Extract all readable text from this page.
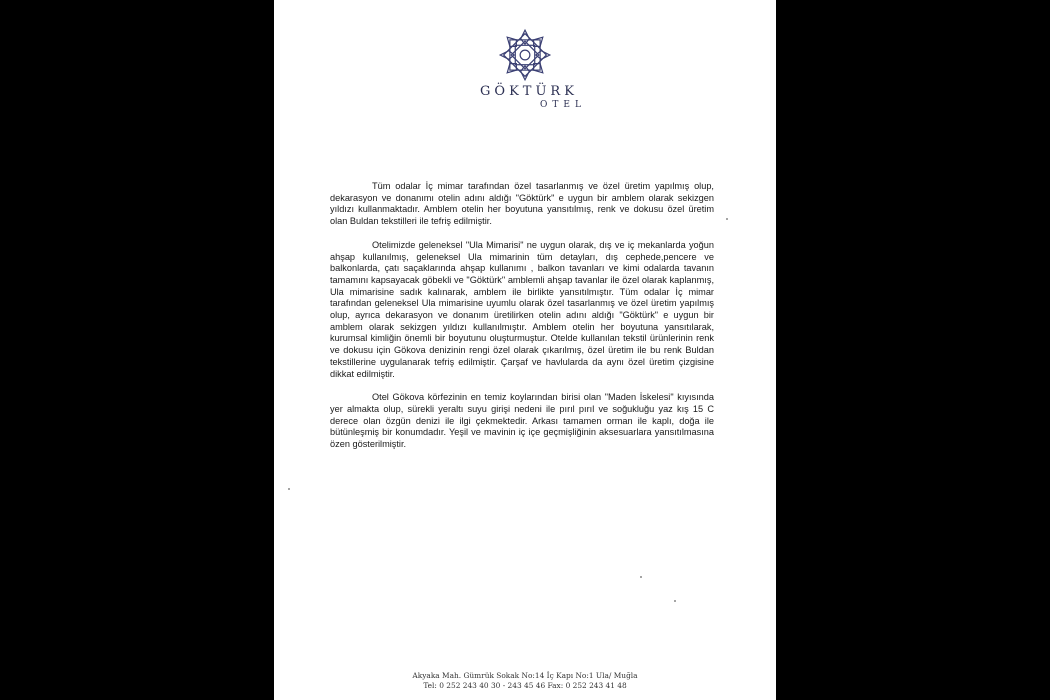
GÖKTÜRK
OTEL

Tüm odalar İç mimar tarafından özel tasarlanmış ve özel üretim yapılmış olup, dekarasyon ve donanımı otelin adını aldığı "Göktürk" e uygun bir amblem olarak sekizgen yıldızı kullanmaktadır. Amblem otelin her boyutuna yansıtılmış, renk ve dokusu özel üretim olan Buldan tekstilleri ile tefriş edilmiştir.

Otelimizde geleneksel "Ula Mimarisi" ne uygun olarak, dış ve iç mekanlarda yoğun ahşap kullanılmış, geleneksel Ula mimarinin tüm detayları, dış cephede,pencere ve balkonlarda, çatı saçaklarında ahşap kullanımı , balkon tavanları ve kimi odalarda tavanın tamamını kapsayacak göbekli ve "Göktürk" amblemli ahşap tavanlar ile özel olarak kaplanmış, Ula mimarisine sadık kalınarak, amblem ile birlikte yansıtılmıştır. Tüm odalar İç mimar tarafından geleneksel Ula mimarisine uyumlu olarak özel tasarlanmış ve özel üretim yapılmış olup, ayrıca dekarasyon ve donanım üretilirken otelin adını aldığı "Göktürk" e uygun bir amblem olarak sekizgen yıldızı kullanılmıştır. Amblem otelin her boyutuna yansıtılarak, kurumsal kimliğin önemli bir boyutunu oluşturmuştur. Otelde kullanılan tekstil ürünlerinin renk ve dokusu için Gökova denizinin rengi özel olarak çıkarılmış, özel üretim ile bu renk Buldan tekstillerine uygulanarak tefriş edilmiştir. Çarşaf ve havlularda da aynı özel üretim çizgisine dikkat edilmiştir.

Otel Gökova körfezinin en temiz koylarından birisi olan "Maden İskelesi" kıyısında yer almakta olup, sürekli yeraltı suyu girişi nedeni ile pırıl pırıl ve soğukluğu yaz kış 15 C derece olan özgün denizi ile ilgi çekmektedir. Arkası tamamen orman ile kaplı, doğa ile bütünleşmiş bir konumdadır. Yeşil ve mavinin iç içe geçmişliğinin aksesuarlara yansıtılmasına özen gösterilmiştir.

Akyaka Mah. Gümrük Sokak No:14 İç Kapı No:1 Ula/ Muğla
Tel: 0 252 243 40 30 - 243 45 46 Fax: 0 252 243 41 48
